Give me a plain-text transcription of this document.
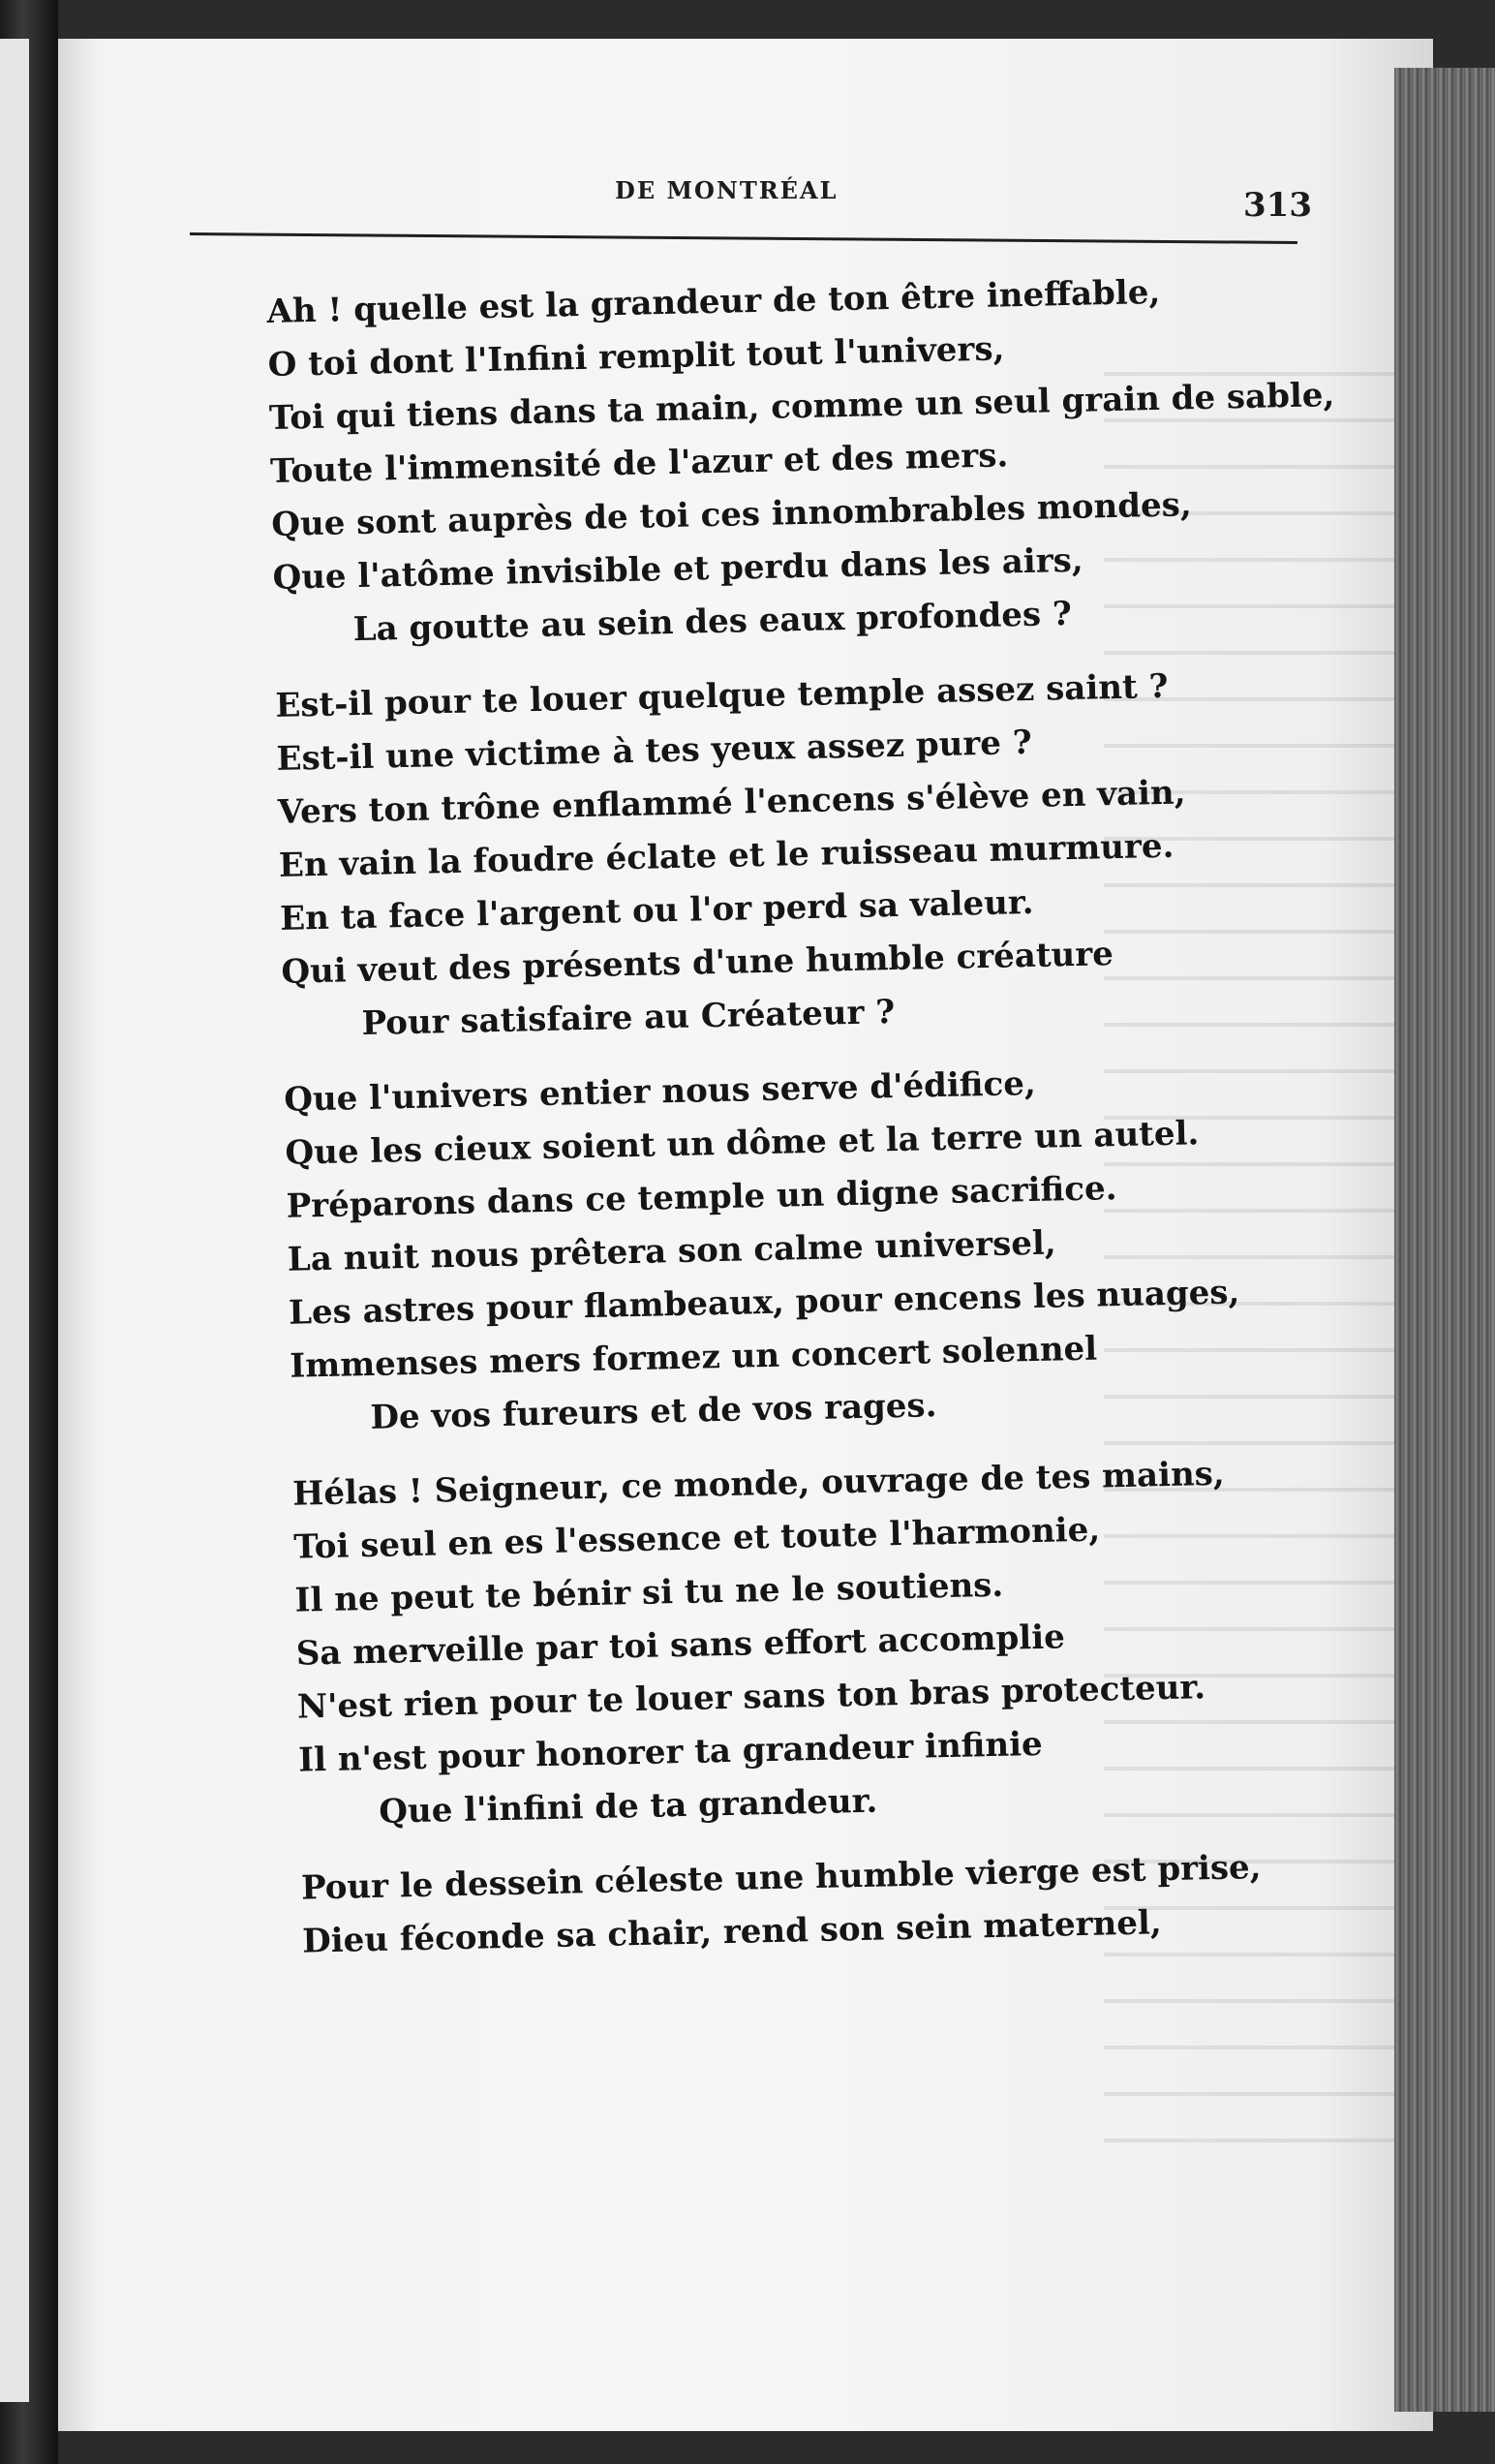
DE MONTRÉAL	313
Ah ! quelle est la grandeur de ton être ineffable,
O toi dont l'Infini remplit tout l'univers,
Toi qui tiens dans ta main, comme un seul grain de sable,
Toute l'immensité de l'azur et des mers.
Que sont auprès de toi ces innombrables mondes,
Que l'atôme invisible et perdu dans les airs,
La goutte au sein des eaux profondes ?
Est-il pour te louer quelque temple assez saint ?
Est-il une victime à tes yeux assez pure ?
Vers ton trône enflammé l'encens s'élève en vain,
En vain la foudre éclate et le ruisseau murmure.
En ta face l'argent ou l'or perd sa valeur.
Qui veut des présents d'une humble créature
Pour satisfaire au Créateur ?
Que l'univers entier nous serve d'édifice,
Que les cieux soient un dôme et la terre un autel.
Préparons dans ce temple un digne sacrifice.
La nuit nous prêtera son calme universel,
Les astres pour flambeaux, pour encens les nuages,
Immenses mers formez un concert solennel
De vos fureurs et de vos rages.
Hélas ! Seigneur, ce monde, ouvrage de tes mains,
Toi seul en es l'essence et toute l'harmonie,
Il ne peut te bénir si tu ne le soutiens.
Sa merveille par toi sans effort accomplie
N'est rien pour te louer sans ton bras protecteur.
Il n'est pour honorer ta grandeur infinie
Que l'infini de ta grandeur.
Pour le dessein céleste une humble vierge est prise,
Dieu féconde sa chair, rend son sein maternel,
